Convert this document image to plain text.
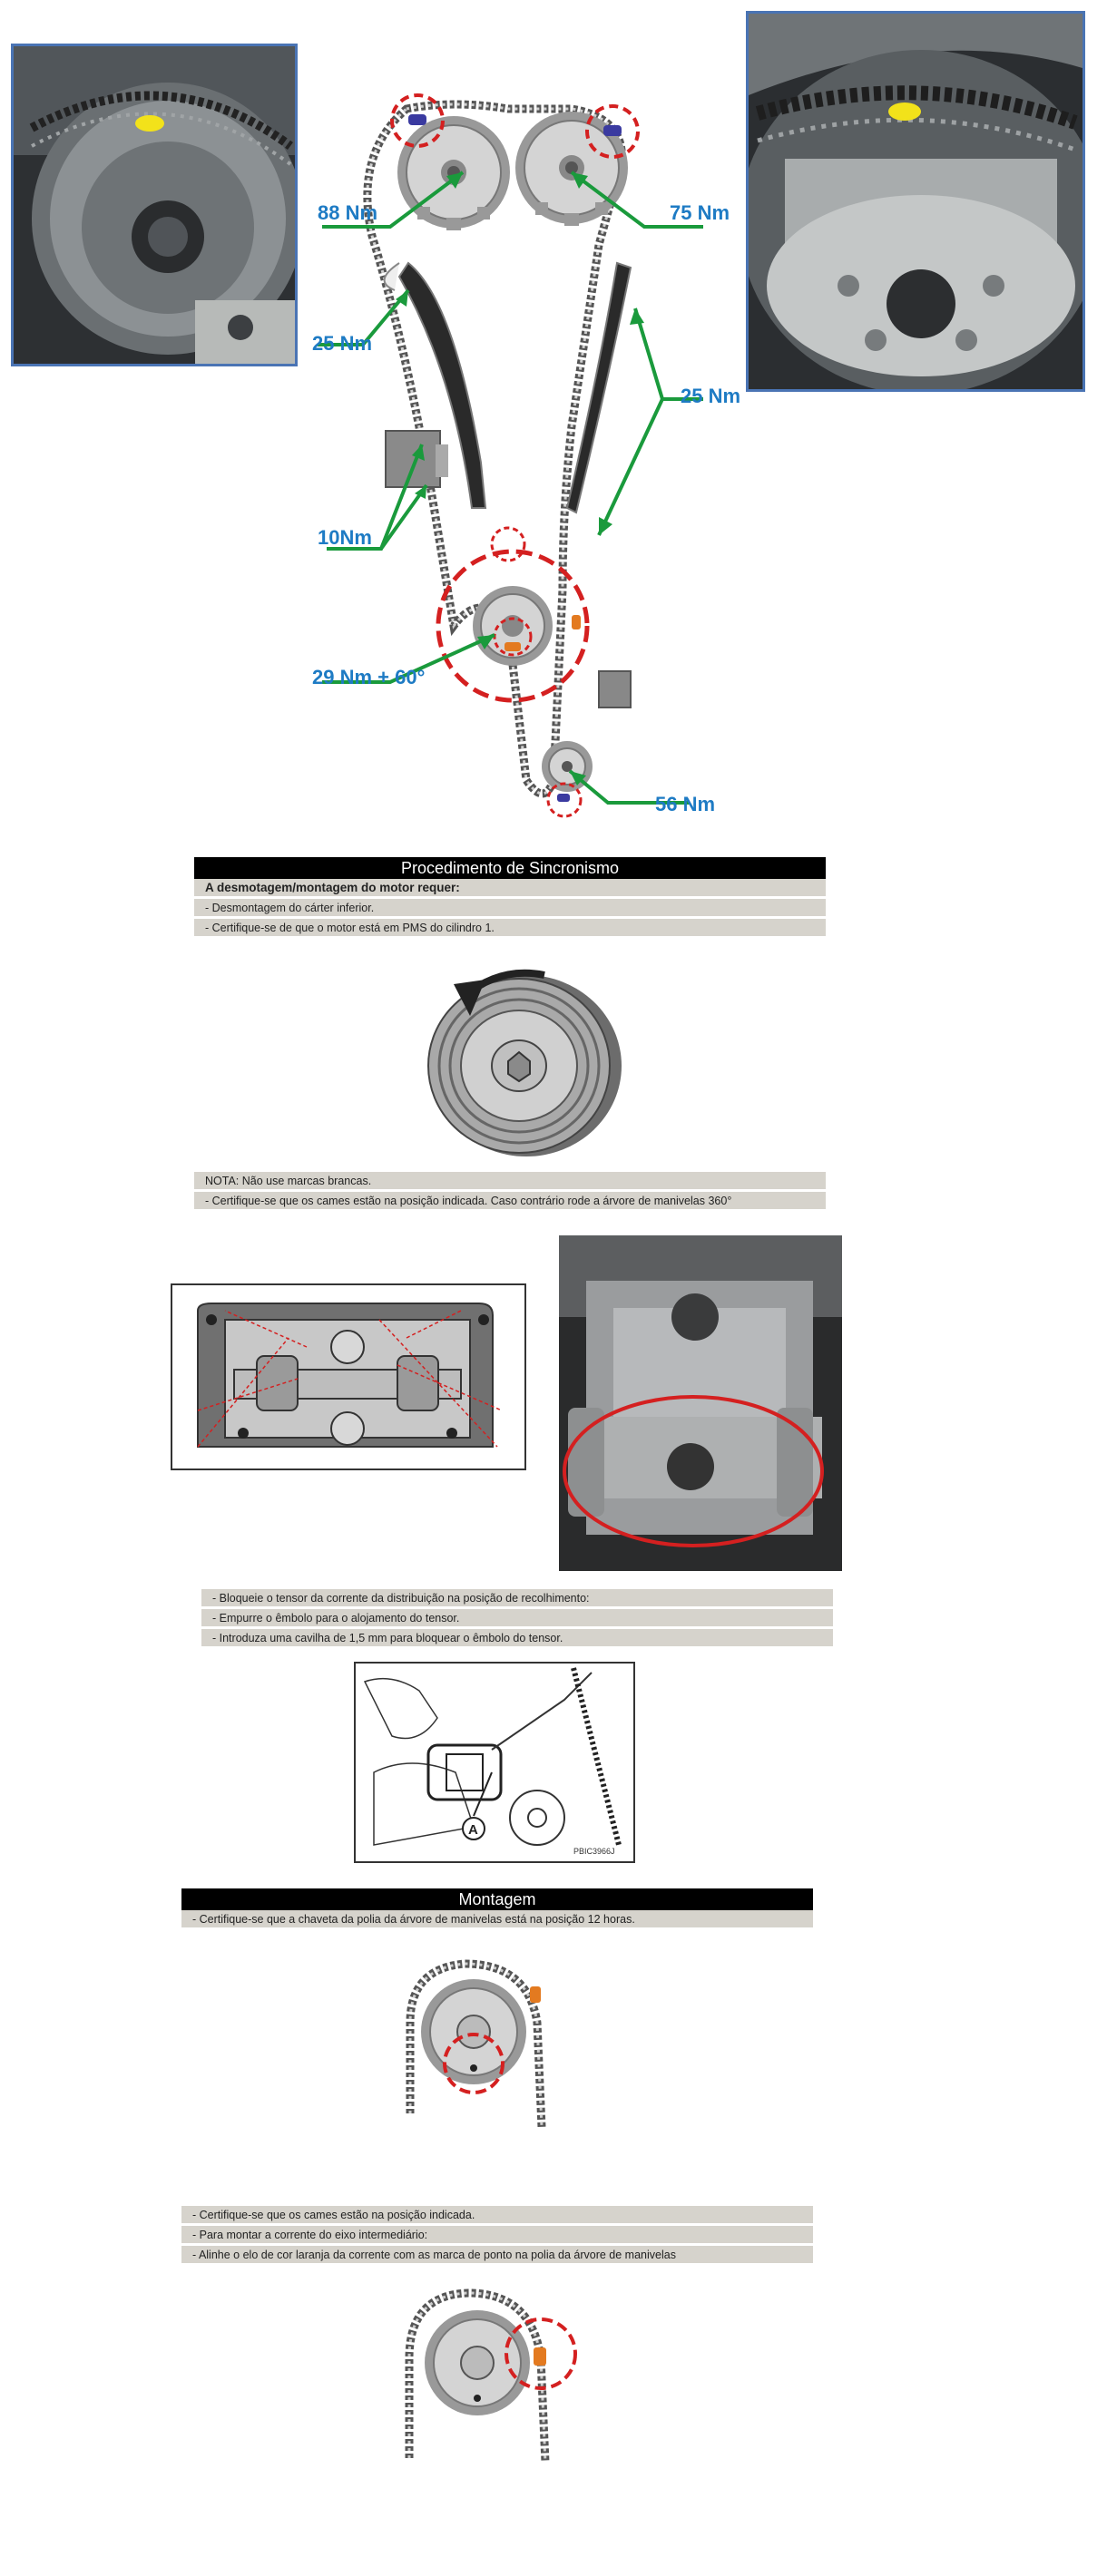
88 Nm	75 Nm
25 Nm
25 Nm
10Nm
29 Nm + 60°
56 Nm
Procedimento de Sincronismo
A desmotagem/montagem do motor requer:
- Desmontagem do cárter inferior.
- Certifique-se de que o motor está em PMS do cilindro 1.
NOTA: Não use marcas brancas.
- Certifique-se que os cames estão na posição indicada. Caso contrário rode a árvore de manivelas 360°
- Bloqueie o tensor da corrente da distribuição na posição de recolhimento:
- Empurre o êmbolo para o alojamento do tensor.
- Introduza uma cavilha de 1,5 mm para bloquear o êmbolo do tensor.
A
PBIC3966J
Montagem
- Certifique-se que a chaveta da polia da árvore de manivelas está na posição 12 horas.
- Certifique-se que os cames estão na posição indicada.
- Para montar a corrente do eixo intermediário:
- Alinhe o elo de cor laranja da corrente com as marca de ponto na polia da árvore de manivelas
